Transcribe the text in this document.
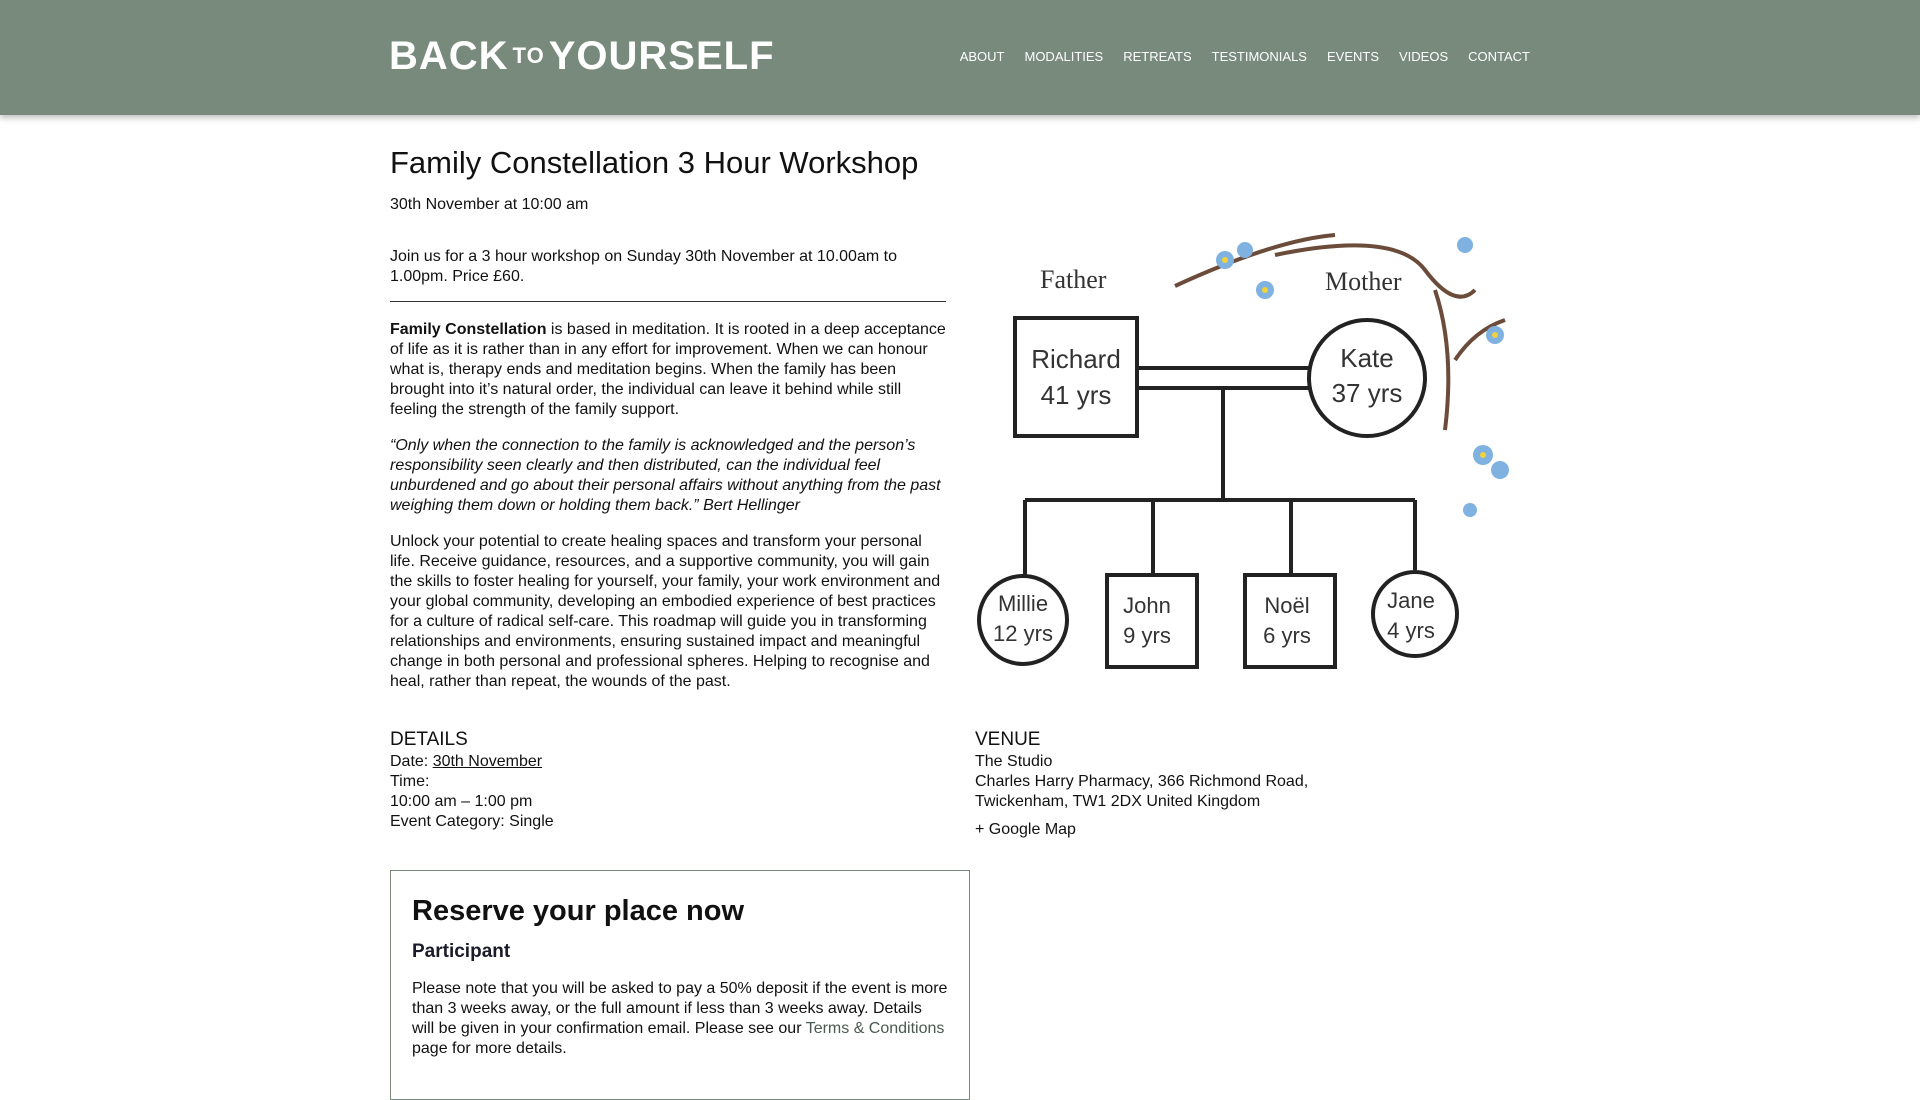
BACK TO YOURSELF	ABOUT MODALITIES RETREATS TESTIMONIALS EVENTS VIDEOS CONTACT
Family Constellation 3 Hour Workshop

30th November at 10:00 am

Join us for a 3 hour workshop on Sunday 30th November at 10.00am to 1.00pm. Price £60.

Family Constellation is based in meditation. It is rooted in a deep acceptance of life as it is rather than in any effort for improvement. When we can honour what is, therapy ends and meditation begins. When the family has been brought into it’s natural order, the individual can leave it behind while still feeling the strength of the family support.

“Only when the connection to the family is acknowledged and the person’s responsibility seen clearly and then distributed, can the individual feel unburdened and go about their personal affairs without anything from the past weighing them down or holding them back.” Bert Hellinger

Unlock your potential to create healing spaces and transform your personal life. Receive guidance, resources, and a supportive community, you will gain the skills to foster healing for yourself, your family, your work environment and your global community, developing an embodied experience of best practices for a culture of radical self-care. This roadmap will guide you in transforming relationships and environments, ensuring sustained impact and meaningful change in both personal and professional spheres. Helping to recognise and heal, rather than repeat, the wounds of the past.

Father	Mother
Richard
41 yrs
Kate
37 yrs
Millie
12 yrs
John
9 yrs
Noël
6 yrs
Jane
4 yrs
DETAILS
Date: 30th November
Time:
10:00 am – 1:00 pm
Event Category: Single
VENUE
The Studio
Charles Harry Pharmacy, 366 Richmond Road,
Twickenham, TW1 2DX United Kingdom
+ Google Map
Reserve your place now
Participant

Please note that you will be asked to pay a 50% deposit if the event is more than 3 weeks away, or the full amount if less than 3 weeks away. Details will be given in your confirmation email. Please see our Terms & Conditions page for more details.
